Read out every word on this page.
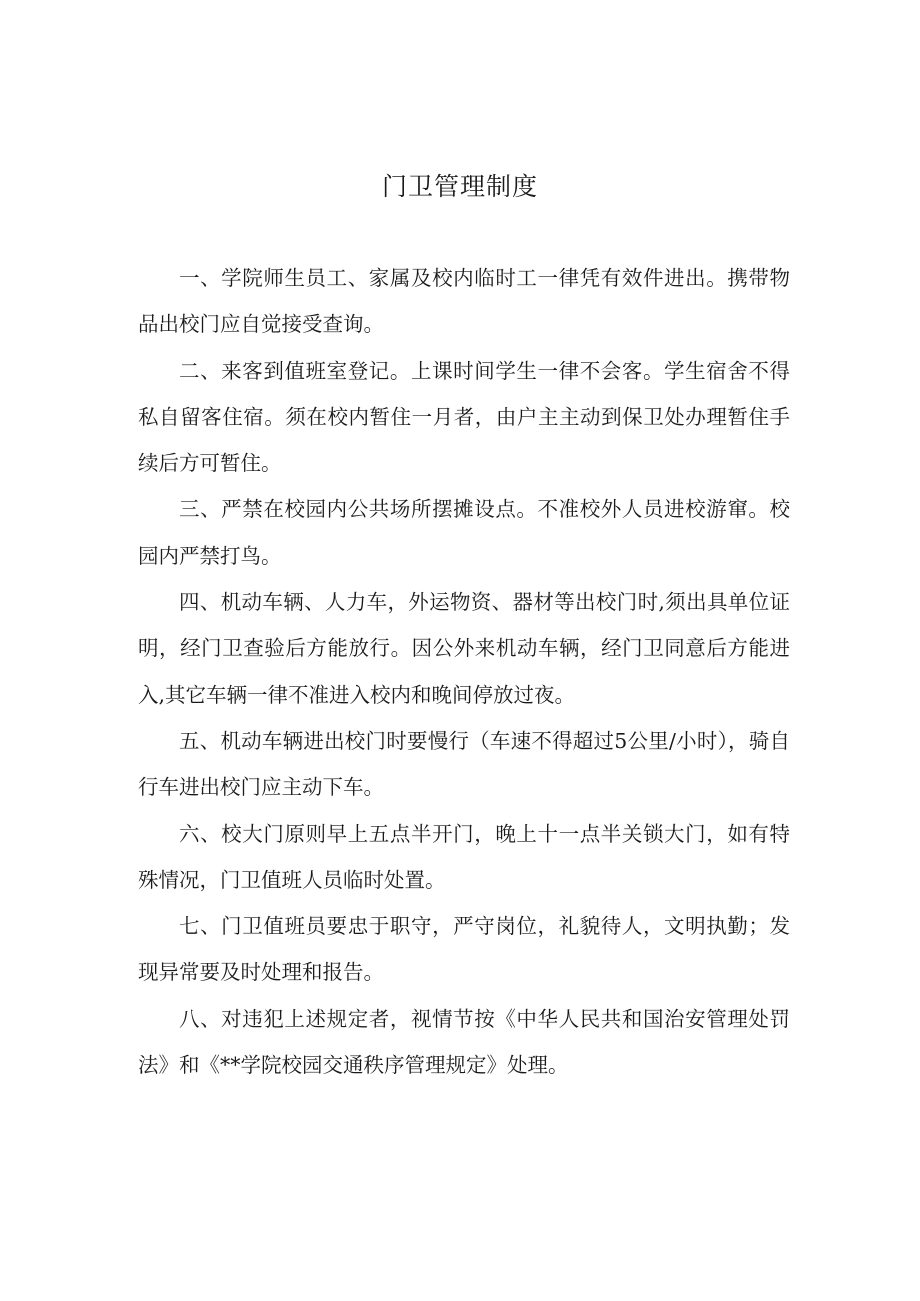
门卫管理制度

一、学院师生员工、家属及校内临时工一律凭有效件进出。携带物品出校门应自觉接受查询。

二、来客到值班室登记。上课时间学生一律不会客。学生宿舍不得私自留客住宿。须在校内暂住一月者，由户主主动到保卫处办理暂住手续后方可暂住。

三、严禁在校园内公共场所摆摊设点。不准校外人员进校游窜。校园内严禁打鸟。

四、机动车辆、人力车，外运物资、器材等出校门时,须出具单位证明，经门卫查验后方能放行。因公外来机动车辆，经门卫同意后方能进入,其它车辆一律不准进入校内和晚间停放过夜。

五、机动车辆进出校门时要慢行（车速不得超过5公里/小时），骑自行车进出校门应主动下车。

六、校大门原则早上五点半开门，晚上十一点半关锁大门，如有特殊情况，门卫值班人员临时处置。

七、门卫值班员要忠于职守，严守岗位，礼貌待人，文明执勤；发现异常要及时处理和报告。

八、对违犯上述规定者，视情节按《中华人民共和国治安管理处罚法》和《**学院校园交通秩序管理规定》处理。
